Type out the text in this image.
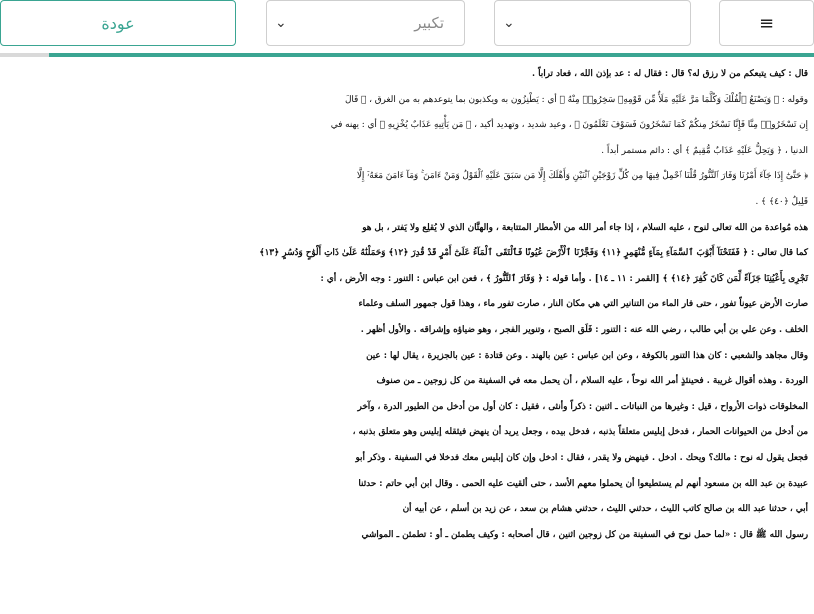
عودة	⌄	تكبير	⌄	≡
قال : كيف يتبعكم من لا رزق له؟ قال : فقال له : عد بإذن الله ، فعاد تراباً .
وقوله : ﴿ وَيَصْنَعُ ٱلْفُلْكَ وَكُلَّمَا مَرَّ عَلَيْهِ مَلَأٌ مِّن قَوْمِهِۦ سَخِرُوا۟ مِنْهُ ﴾ أي : يَطْنِزُون به ويكذبون بما يتوعدهم به من الغرق ، ﴿ قَالَ
إِن تَسْخَرُوا۟ مِنَّا فَإِنَّا نَسْخَرُ مِنكُمْ كَمَا تَسْخَرُونَ فَسَوْفَ تَعْلَمُونَ ﴾ ، وعيد شديد ، وتهديد أكيد ، ﴿ مَن يَأْتِيهِ عَذَابٌ يُخْزِيهِ ﴾ أي : يهنه في
الدنيا ، ﴿ وَيَحِلُّ عَلَيْهِ عَذَابٌ مُّقِيمٌ ﴾ أي : دائم مستمر أبداً .
﴿ حَتَّىٰٓ إِذَا جَآءَ أَمْرُنَا وَفَارَ ٱلتَّنُّورُ قُلْنَا ٱحْمِلْ فِيهَا مِن كُلٍّ زَوْجَيْنِ ٱثْنَيْنِ وَأَهْلَكَ إِلَّا مَن سَبَقَ عَلَيْهِ ٱلْقَوْلُ وَمَنْ ءَامَنَ ۚ وَمَآ ءَامَنَ مَعَهُۥٓ إِلَّا
قَلِيلٌ ﴿٤٠﴾ ﴾ .
هذه مُواعدة من الله تعالى لنوح ، عليه السلام ، إذا جاء أمر الله من الأمطار المتتابعة ، والهتَّان الذي لا يُقلِع ولا يَفتر ، بل هو
كما قال تعالى : ﴿ فَفَتَحْنَآ أَبْوَٰبَ ٱلسَّمَآءِ بِمَآءٍ مُّنْهَمِرٍ ﴿١١﴾ وَفَجَّرْنَا ٱلْأَرْضَ عُيُونًا فَٱلْتَقَى ٱلْمَآءُ عَلَىٰٓ أَمْرٍ قَدْ قُدِرَ ﴿١٢﴾ وَحَمَلْنَٰهُ عَلَىٰ ذَاتِ أَلْوَٰحٍ وَدُسُرٍ ﴿١٣﴾
تَجْرِى بِأَعْيُنِنَا جَزَآءً لِّمَن كَانَ كُفِرَ ﴿١٤﴾ ﴾ [القمر : ١١ ـ ١٤] . وأما قوله : ﴿ وَفَارَ ٱلتَّنُّورُ ﴾ ، فعن ابن عباس : التنور : وجه الأرض ، أي :
صارت الأرض عيوناً تفور ، حتى فار الماء من التنانير التي هي مكان النار ، صارت تفور ماء ، وهذا قول جمهور السلف وعلماء
الخلف . وعن علي بن أبي طالب ، رضي الله عنه : التنور : فَلَق الصبح ، وتنوير الفجر ، وهو ضياؤه وإشراقه . والأول أظهر .
وقال مجاهد والشعبي : كان هذا التنور بالكوفة ، وعن ابن عباس : عين بالهند . وعن قتادة : عين بالجزيرة ، يقال لها : عين
الوردة . وهذه أقوال غريبة . فحينئذٍ أمر الله نوحاً ، عليه السلام ، أن يحمل معه في السفينة من كل زوجين ـ من صنوف
المخلوقات ذوات الأرواح ، قيل : وغيرها من النباتات ـ اثنين : ذكراً وأنثى ، فقيل : كان أول من أدخل من الطيور الدرة ، وآخر
من أدخل من الحيوانات الحمار ، فدخل إبليس متعلقاً بذنبه ، فدخل بيده ، وجعل يريد أن ينهض فيثقله إبليس وهو متعلق بذنبه ،
فجعل يقول له نوح : مالك؟ ويحك . ادخل . فينهض ولا يقدر ، فقال : ادخل وإن كان إبليس معك فدخلا في السفينة . وذكر أبو
عبيدة بن عبد الله بن مسعود أنهم لم يستطيعوا أن يحملوا معهم الأسد ، حتى ألقيت عليه الحمى . وقال ابن أبي حاتم : حدثنا
أبي ، حدثنا عبد الله بن صالح كاتب الليث ، حدثني الليث ، حدثني هشام بن سعد ، عن زيد بن أسلم ، عن أبيه أن
رسول الله ﷺ قال : «لما حمل نوح في السفينة من كل زوجين اثنين ، قال أصحابه : وكيف يطمئن ـ أو : تطمئن ـ المواشي
